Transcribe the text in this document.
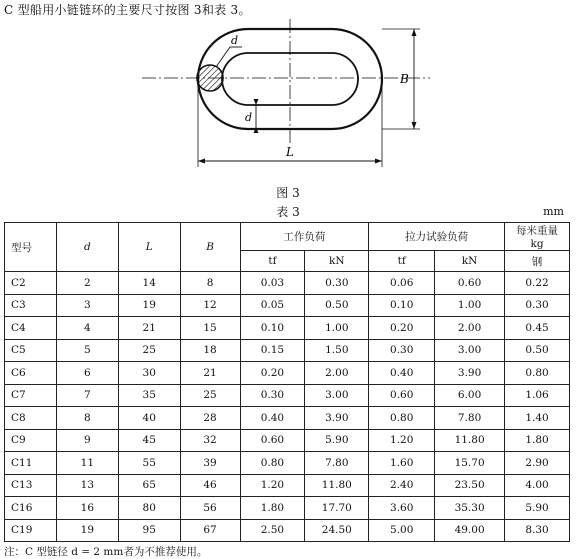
C 型船用小链链环的主要尺寸按图 3和表 3。
d
d
B
L
图 3
表 3	mm
型号	d	L	B	工作负荷		拉力试验负荷		每米重量
kg

				tf	kN	tf	kN	钢
C2	2	14	8	0.03	0.30	0.06	0.60	0.22
C3	3	19	12	0.05	0.50	0.10	1.00	0.30
C4	4	21	15	0.10	1.00	0.20	2.00	0.45
C5	5	25	18	0.15	1.50	0.30	3.00	0.50
C6	6	30	21	0.20	2.00	0.40	3.90	0.80
C7	7	35	25	0.30	3.00	0.60	6.00	1.06
C8	8	40	28	0.40	3.90	0.80	7.80	1.40
C9	9	45	32	0.60	5.90	1.20	11.80	1.80
C11	11	55	39	0.80	7.80	1.60	15.70	2.90
C13	13	65	46	1.20	11.80	2.40	23.50	4.00
C16	16	80	56	1.80	17.70	3.60	35.30	5.90
C19	19	95	67	2.50	24.50	5.00	49.00	8.30
注：C 型链径 d = 2 mm者为不推荐使用。
